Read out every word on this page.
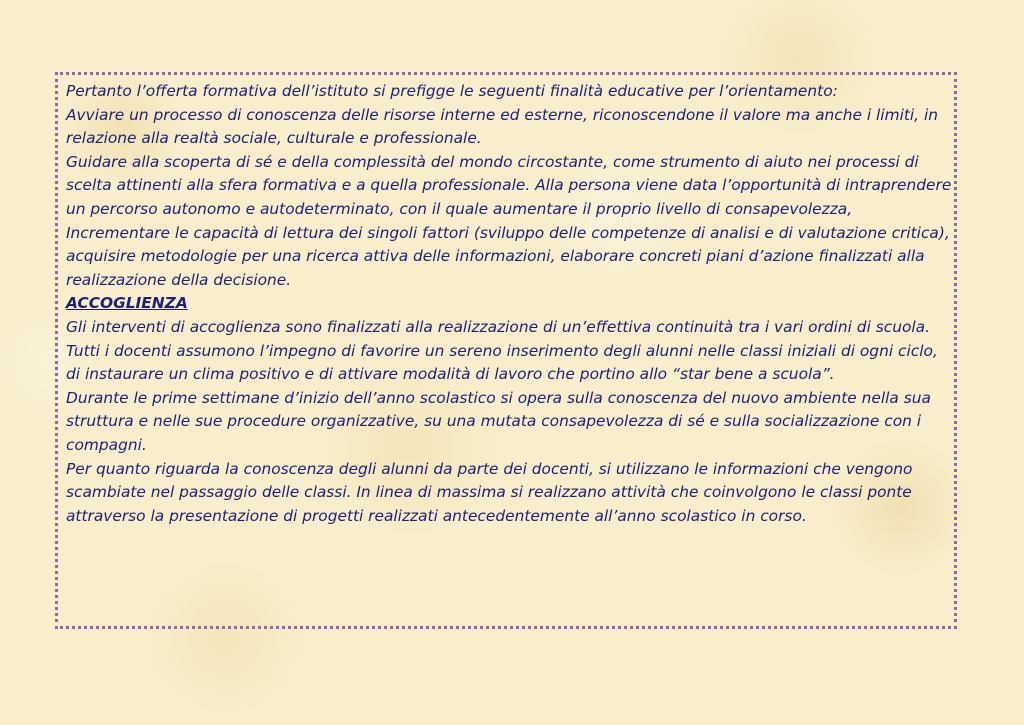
Pertanto l’offerta formativa dell’istituto si prefigge le seguenti finalità educative per l’orientamento:

Avviare un processo di conoscenza delle risorse interne ed esterne, riconoscendone il valore ma anche i limiti, in relazione alla realtà sociale, culturale e professionale.

Guidare alla scoperta di sé e della complessità del mondo circostante, come strumento di aiuto nei processi di scelta attinenti alla sfera formativa e a quella professionale. Alla persona viene data l’opportunità di intraprendere un percorso autonomo e autodeterminato, con il quale aumentare il proprio livello di consapevolezza,

Incrementare le capacità di lettura dei singoli fattori (sviluppo delle competenze di analisi e di valutazione critica), acquisire metodologie per una ricerca attiva delle informazioni, elaborare concreti piani d’azione finalizzati alla realizzazione della decisione.

ACCOGLIENZA

Gli interventi di accoglienza sono finalizzati alla realizzazione di un’effettiva continuità tra i vari ordini di scuola.

Tutti i docenti assumono l’impegno di favorire un sereno inserimento degli alunni nelle classi iniziali di ogni ciclo, di instaurare un clima positivo e di attivare modalità di lavoro che portino allo “star bene a scuola”.

Durante le prime settimane d’inizio dell’anno scolastico si opera sulla conoscenza del nuovo ambiente nella sua struttura e nelle sue procedure organizzative, su una mutata consapevolezza di sé e sulla socializzazione con i compagni.

Per quanto riguarda la conoscenza degli alunni da parte dei docenti, si utilizzano le informazioni che vengono scambiate nel passaggio delle classi. In linea di massima si realizzano attività che coinvolgono le classi ponte attraverso la presentazione di progetti realizzati antecedentemente all’anno scolastico in corso.
